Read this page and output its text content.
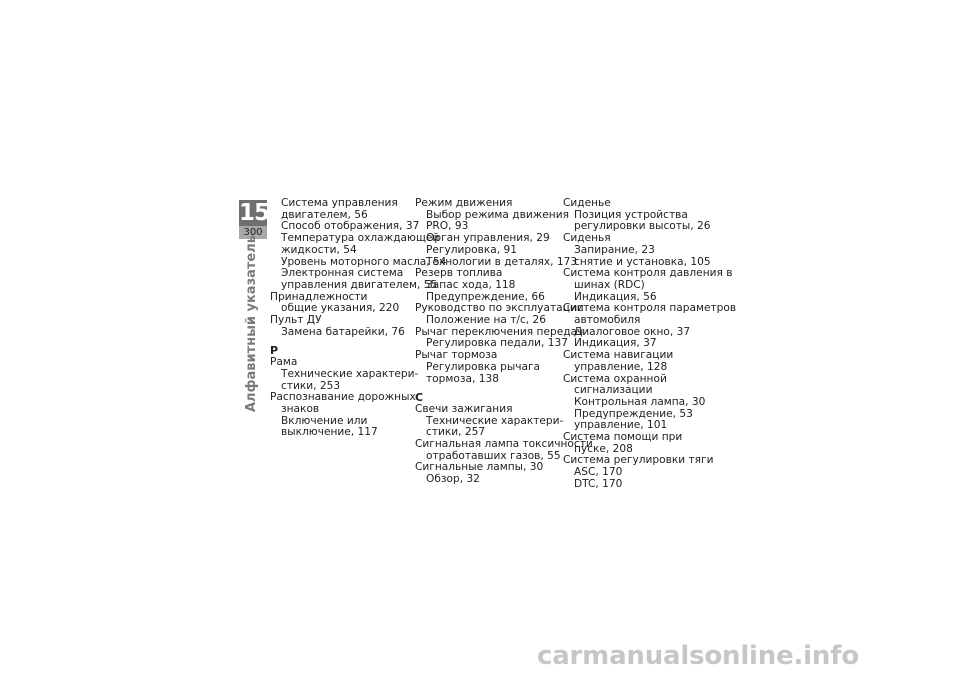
15
300
Алфавитный указатель
Система управления
двигателем, 56
Способ отображения, 37
Температура охлаждающей
жидкости, 54
Уровень моторного масла, 54
Электронная система
управления двигателем, 55
Принадлежности
общие указания, 220
Пульт ДУ
Замена батарейки, 76
Р
Рама
Технические характери-
стики, 253
Распознавание дорожных
знаков
Включение или
выключение, 117
Режим движения
Выбор режима движения
PRO, 93
Орган управления, 29
Регулировка, 91
Технологии в деталях, 173
Резерв топлива
Запас хода, 118
Предупреждение, 66
Руководство по эксплуатации
Положение на т/с, 26
Рычаг переключения передач
Регулировка педали, 137
Рычаг тормоза
Регулировка рычага
тормоза, 138
С
Свечи зажигания
Технические характери-
стики, 257
Сигнальная лампа токсичности
отработавших газов, 55
Сигнальные лампы, 30
Обзор, 32
Сиденье
Позиция устройства
регулировки высоты, 26
Сиденья
Запирание, 23
снятие и установка, 105
Система контроля давления в
шинах (RDC)
Индикация, 56
Система контроля параметров
автомобиля
Диалоговое окно, 37
Индикация, 37
Система навигации
управление, 128
Система охранной
сигнализации
Контрольная лампа, 30
Предупреждение, 53
управление, 101
Система помощи при
пуске, 208
Система регулировки тяги
ASC, 170
DTC, 170
carmanualsonline.info
